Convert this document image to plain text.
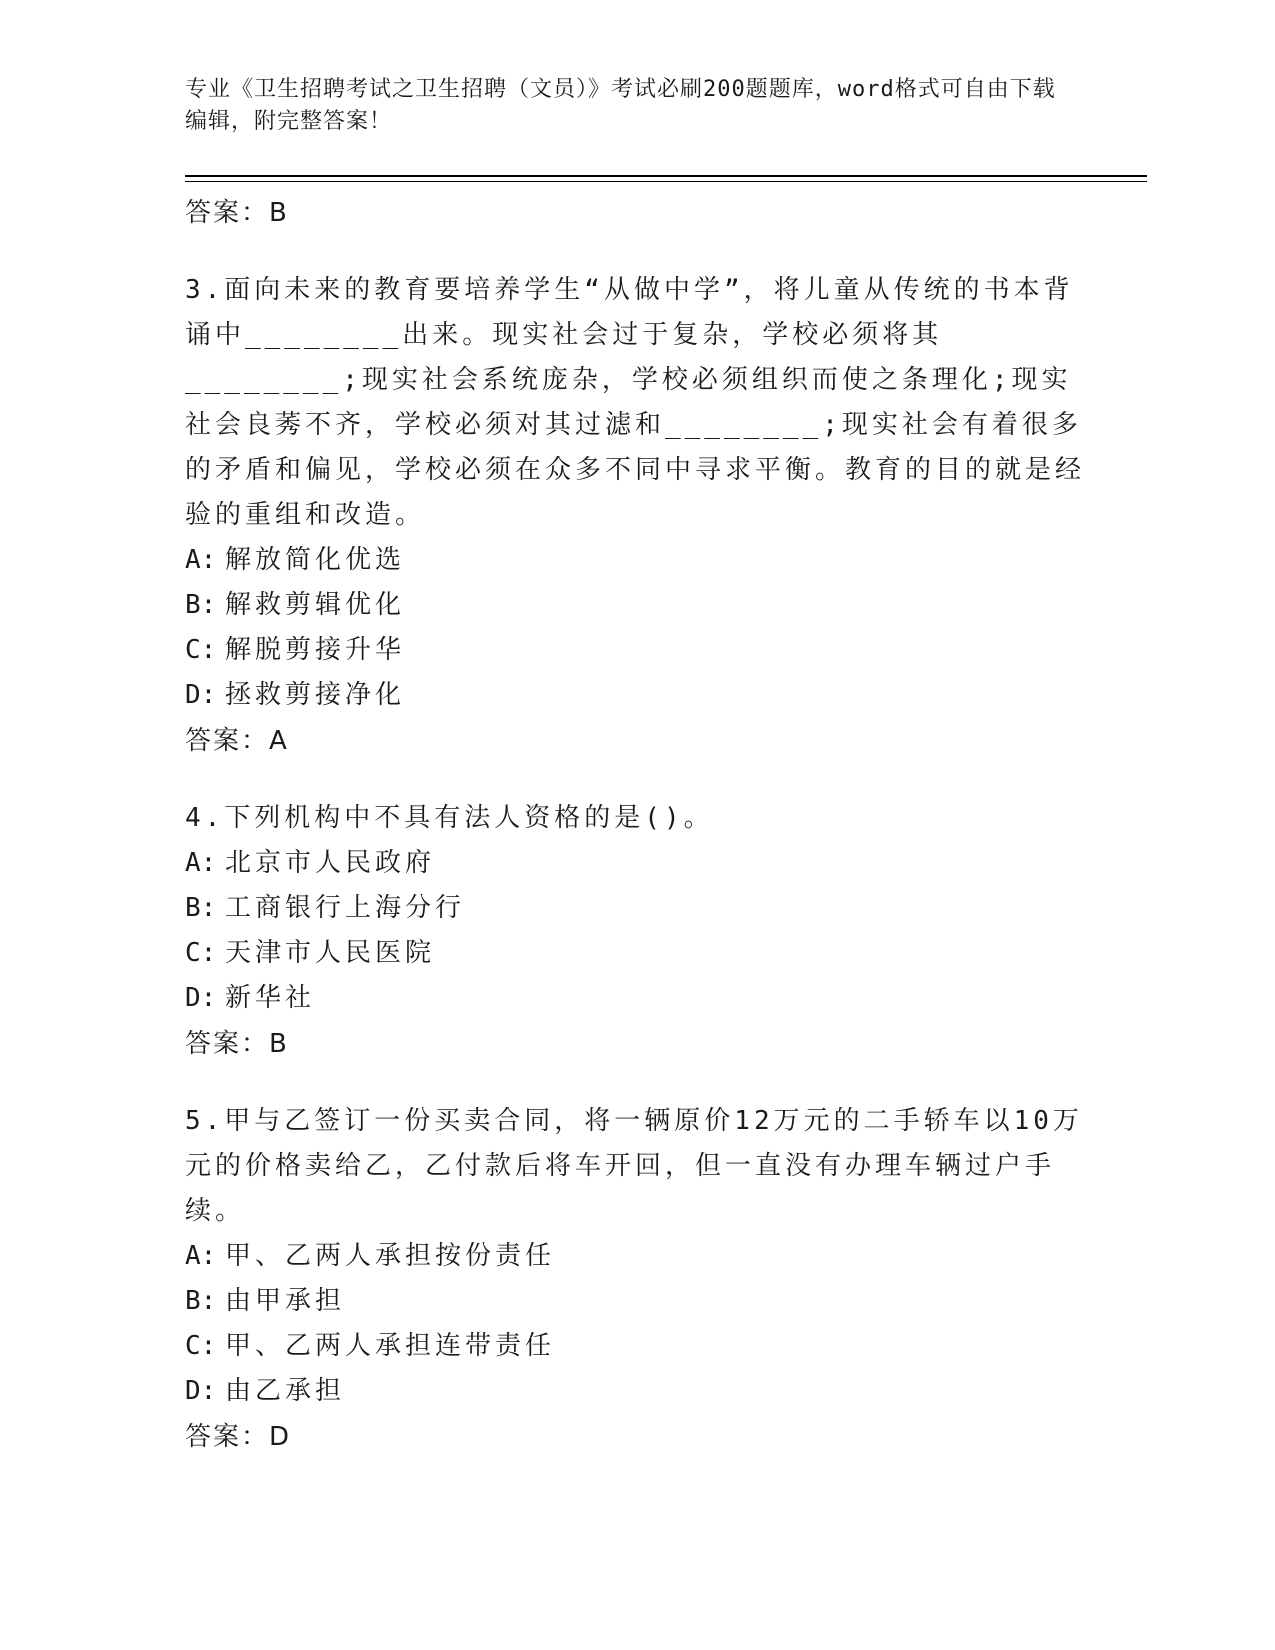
专业《卫生招聘考试之卫生招聘（文员）》考试必刷200题题库，word格式可自由下载编辑，附完整答案！
答案：B

3.面向未来的教育要培养学生“从做中学”，将儿童从传统的书本背诵中________出来。现实社会过于复杂，学校必须将其________;现实社会系统庞杂，学校必须组织而使之条理化;现实社会良莠不齐，学校必须对其过滤和________;现实社会有着很多的矛盾和偏见，学校必须在众多不同中寻求平衡。教育的目的就是经验的重组和改造。

A: 解放简化优选

B: 解救剪辑优化

C: 解脱剪接升华

D: 拯救剪接净化

答案：A

4.下列机构中不具有法人资格的是()。

A: 北京市人民政府

B: 工商银行上海分行

C: 天津市人民医院

D: 新华社

答案：B

5.甲与乙签订一份买卖合同，将一辆原价12万元的二手轿车以10万元的价格卖给乙，乙付款后将车开回，但一直没有办理车辆过户手续。

A: 甲、乙两人承担按份责任

B: 由甲承担

C: 甲、乙两人承担连带责任

D: 由乙承担

答案：D
